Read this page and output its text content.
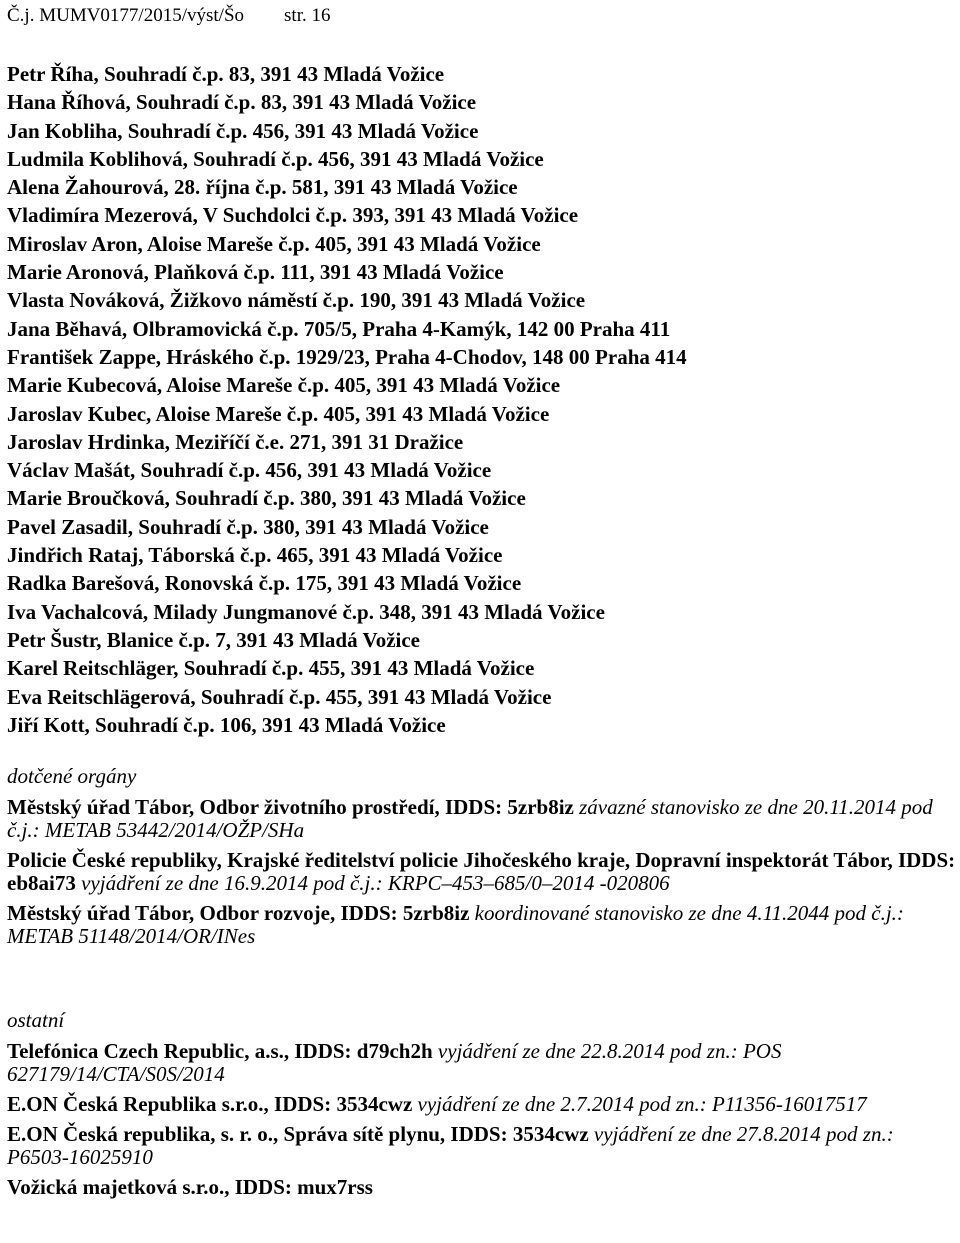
Č.j. MUMV0177/2015/výst/Šo str. 16
Petr Říha, Souhradí č.p. 83, 391 43 Mladá Vožice
Hana Říhová, Souhradí č.p. 83, 391 43 Mladá Vožice
Jan Kobliha, Souhradí č.p. 456, 391 43 Mladá Vožice
Ludmila Koblihová, Souhradí č.p. 456, 391 43 Mladá Vožice
Alena Žahourová, 28. října č.p. 581, 391 43 Mladá Vožice
Vladimíra Mezerová, V Suchdolci č.p. 393, 391 43 Mladá Vožice
Miroslav Aron, Aloise Mareše č.p. 405, 391 43 Mladá Vožice
Marie Aronová, Plaňková č.p. 111, 391 43 Mladá Vožice
Vlasta Nováková, Žižkovo náměstí č.p. 190, 391 43 Mladá Vožice
Jana Běhavá, Olbramovická č.p. 705/5, Praha 4-Kamýk, 142 00 Praha 411
František Zappe, Hráského č.p. 1929/23, Praha 4-Chodov, 148 00 Praha 414
Marie Kubecová, Aloise Mareše č.p. 405, 391 43 Mladá Vožice
Jaroslav Kubec, Aloise Mareše č.p. 405, 391 43 Mladá Vožice
Jaroslav Hrdinka, Meziříčí č.e. 271, 391 31 Dražice
Václav Mašát, Souhradí č.p. 456, 391 43 Mladá Vožice
Marie Broučková, Souhradí č.p. 380, 391 43 Mladá Vožice
Pavel Zasadil, Souhradí č.p. 380, 391 43 Mladá Vožice
Jindřich Rataj, Táborská č.p. 465, 391 43 Mladá Vožice
Radka Barešová, Ronovská č.p. 175, 391 43 Mladá Vožice
Iva Vachalcová, Milady Jungmanové č.p. 348, 391 43 Mladá Vožice
Petr Šustr, Blanice č.p. 7, 391 43 Mladá Vožice
Karel Reitschläger, Souhradí č.p. 455, 391 43 Mladá Vožice
Eva Reitschlägerová, Souhradí č.p. 455, 391 43 Mladá Vožice
Jiří Kott, Souhradí č.p. 106, 391 43 Mladá Vožice
dotčené orgány
Městský úřad Tábor, Odbor životního prostředí, IDDS: 5zrb8iz závazné stanovisko ze dne 20.11.2014 pod č.j.: METAB 53442/2014/OŽP/SHa
Policie České republiky, Krajské ředitelství policie Jihočeského kraje, Dopravní inspektorát Tábor, IDDS: eb8ai73 vyjádření ze dne 16.9.2014 pod č.j.: KRPC–453–685/0–2014 -020806
Městský úřad Tábor, Odbor rozvoje, IDDS: 5zrb8iz koordinované stanovisko ze dne 4.11.2044 pod č.j.: METAB 51148/2014/OR/INes
ostatní
Telefónica Czech Republic, a.s., IDDS: d79ch2h vyjádření ze dne 22.8.2014 pod zn.: POS 627179/14/CTA/S0S/2014
E.ON Česká Republika s.r.o., IDDS: 3534cwz vyjádření ze dne 2.7.2014 pod zn.: P11356-16017517
E.ON Česká republika, s. r. o., Správa sítě plynu, IDDS: 3534cwz vyjádření ze dne 27.8.2014 pod zn.: P6503-16025910
Vožická majetková s.r.o., IDDS: mux7rss
